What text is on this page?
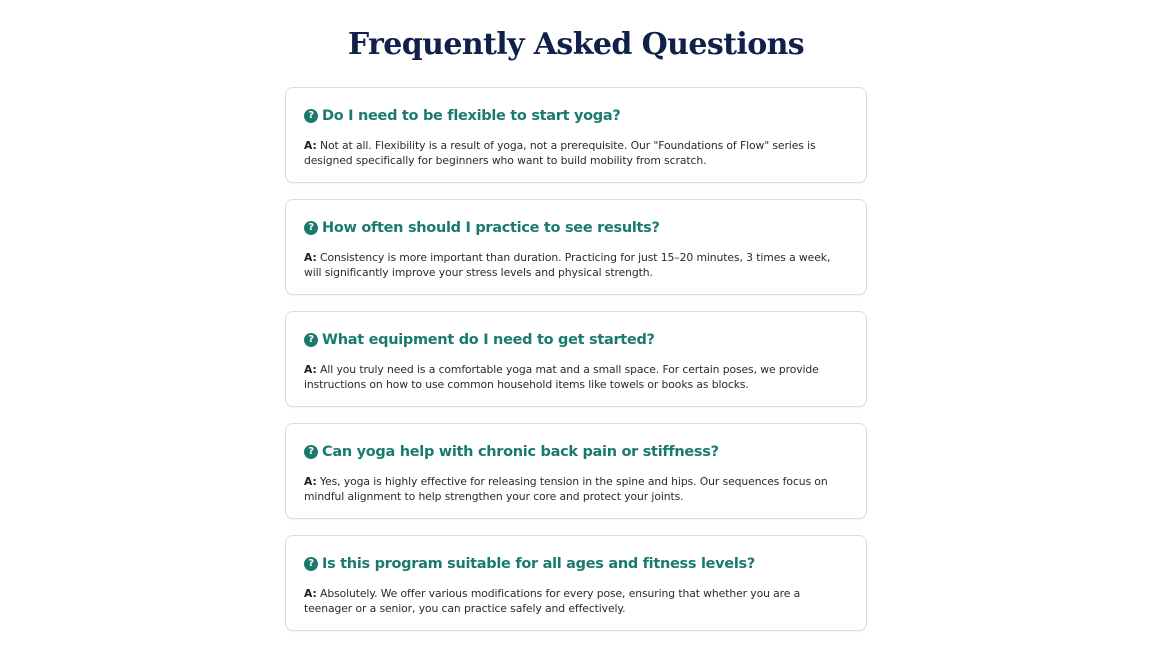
Frequently Asked Questions
? Do I need to be flexible to start yoga?

A: Not at all. Flexibility is a result of yoga, not a prerequisite. Our "Foundations of Flow" series is designed specifically for beginners who want to build mobility from scratch.

? How often should I practice to see results?

A: Consistency is more important than duration. Practicing for just 15–20 minutes, 3 times a week, will significantly improve your stress levels and physical strength.

? What equipment do I need to get started?

A: All you truly need is a comfortable yoga mat and a small space. For certain poses, we provide instructions on how to use common household items like towels or books as blocks.

? Can yoga help with chronic back pain or stiffness?

A: Yes, yoga is highly effective for releasing tension in the spine and hips. Our sequences focus on mindful alignment to help strengthen your core and protect your joints.

? Is this program suitable for all ages and fitness levels?

A: Absolutely. We offer various modifications for every pose, ensuring that whether you are a teenager or a senior, you can practice safely and effectively.
